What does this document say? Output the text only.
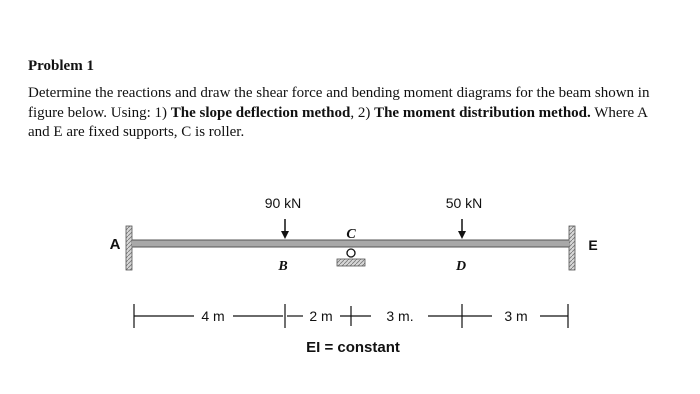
Problem 1
Determine the reactions and draw the shear force and bending moment diagrams for the beam shown in figure below. Using: 1) The slope deflection method, 2) The moment distribution method. Where A and E are fixed supports, C is roller.
90 kN	50 kN
A
B
C
D
E
4 m	2 m	3 m.	3 m
EI = constant
